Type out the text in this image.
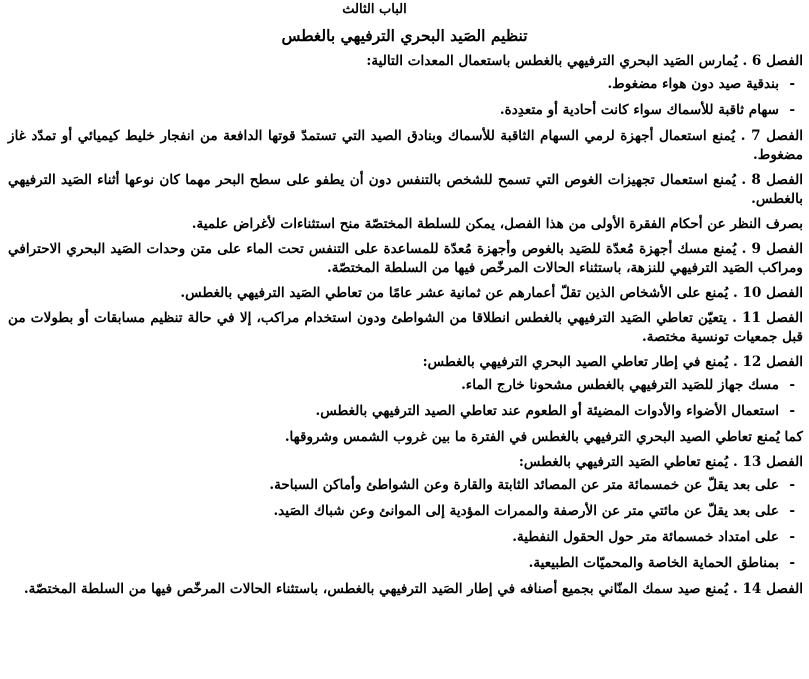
الباب الثالث
تنظيم الصَيد البحري الترفيهي بالغطس

الفصل 6 . يُمارس الصَيد البحري الترفيهي بالغطس باستعمال المعدات التالية:

- بندقية صيد دون هواء مضغوط.

- سهام ثاقبة للأسماك سواء كانت أحادية أو متعدِدة.

الفصل 7 . يُمنع استعمال أجهزة لرمي السهام الثاقبة للأسماك وبنادق الصيد التي تستمدّ قوتها الدافعة من انفجار خليط كيميائي أو تمدّد غاز مضغوط.

الفصل 8 . يُمنع استعمال تجهيزات الغوص التي تسمح للشخص بالتنفس دون أن يطفو على سطح البحر مهما كان نوعها أثناء الصَيد الترفيهي بالغطس.

بصرف النظر عن أحكام الفقرة الأولى من هذا الفصل، يمكن للسلطة المختصّة منح استثناءات لأغراض علمية.

الفصل 9 . يُمنع مسك أجهزة مُعدّة للصَيد بالغوص وأجهزة مُعدّة للمساعدة على التنفس تحت الماء على متن وحدات الصَيد البحري الاحترافي ومراكب الصَيد الترفيهي للنزهة، باستثناء الحالات المرخّص فيها من السلطة المختصّة.

الفصل 10 . يُمنع على الأشخاص الذين تقلّ أعمارهم عن ثمانية عشر عامًا من تعاطي الصَيد الترفيهي بالغطس.

الفصل 11 . يتعيّن تعاطي الصَيد الترفيهي بالغطس انطلاقا من الشواطئ ودون استخدام مراكب، إلا في حالة تنظيم مسابقات أو بطولات من قبل جمعيات تونسية مختصة.

الفصل 12 . يُمنع في إطار تعاطي الصيد البحري الترفيهي بالغطس:

- مسك جهاز للصَيد الترفيهي بالغطس مشحونا خارج الماء.

- استعمال الأضواء والأدوات المضيئة أو الطعوم عند تعاطي الصيد الترفيهي بالغطس.

كما يُمنع تعاطي الصيد البحري الترفيهي بالغطس في الفترة ما بين غروب الشمس وشروقها.

الفصل 13 . يُمنع تعاطي الصَيد الترفيهي بالغطس:

- على بعد يقلّ عن خمسمائة متر عن المصائد الثابتة والقارة وعن الشواطئ وأماكن السباحة.

- على بعد يقلّ عن مائتي متر عن الأرصفة والممرات المؤدية إلى الموانئ وعن شباك الصَيد.

- على امتداد خمسمائة متر حول الحقول النفطية.

- بمناطق الحماية الخاصة والمحميّات الطبيعية.

الفصل 14 . يُمنع صيد سمك المنّاني بجميع أصنافه في إطار الصَيد الترفيهي بالغطس، باستثناء الحالات المرخّص فيها من السلطة المختصّة.
